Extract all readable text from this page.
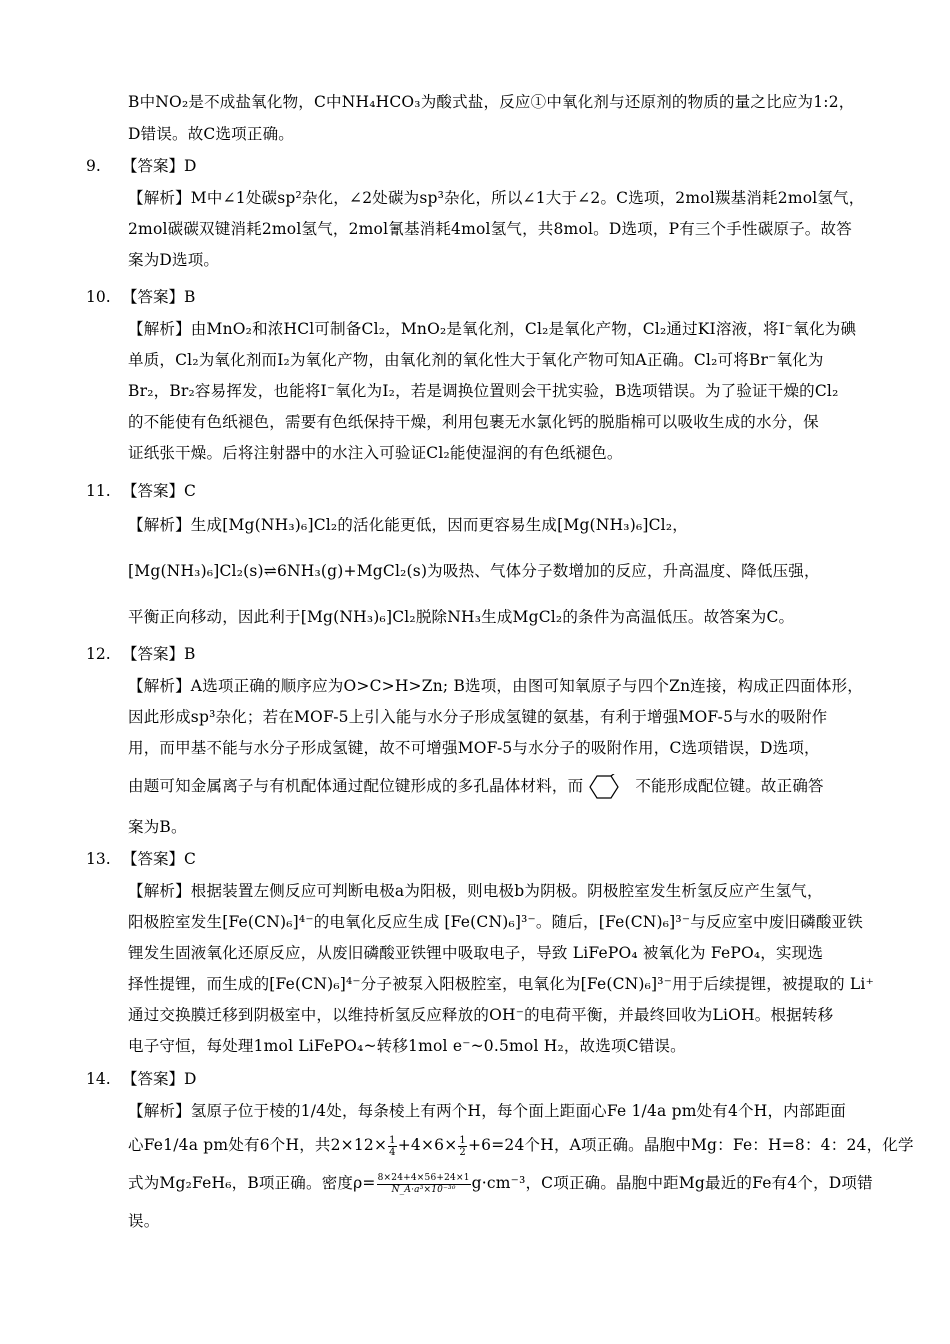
B中NO₂是不成盐氧化物，C中NH₄HCO₃为酸式盐，反应①中氧化剂与还原剂的物质的量之比应为1:2，
D错误。故C选项正确。
9. 【答案】D
【解析】M中∠1处碳sp²杂化，∠2处碳为sp³杂化，所以∠1大于∠2。C选项，2mol羰基消耗2mol氢气，
2mol碳碳双键消耗2mol氢气，2mol氰基消耗4mol氢气，共8mol。D选项，P有三个手性碳原子。故答
案为D选项。
10. 【答案】B
【解析】由MnO₂和浓HCl可制备Cl₂，MnO₂是氧化剂，Cl₂是氧化产物，Cl₂通过KI溶液，将I⁻氧化为碘
单质，Cl₂为氧化剂而I₂为氧化产物，由氧化剂的氧化性大于氧化产物可知A正确。Cl₂可将Br⁻氧化为
Br₂，Br₂容易挥发，也能将I⁻氧化为I₂，若是调换位置则会干扰实验，B选项错误。为了验证干燥的Cl₂
的不能使有色纸褪色，需要有色纸保持干燥，利用包裹无水氯化钙的脱脂棉可以吸收生成的水分，保
证纸张干燥。后将注射器中的水注入可验证Cl₂能使湿润的有色纸褪色。
11. 【答案】C
【解析】生成[Mg(NH₃)₆]Cl₂的活化能更低，因而更容易生成[Mg(NH₃)₆]Cl₂，
[Mg(NH₃)₆]Cl₂(s)⇌6NH₃(g)+MgCl₂(s)为吸热、气体分子数增加的反应，升高温度、降低压强，
平衡正向移动，因此利于[Mg(NH₃)₆]Cl₂脱除NH₃生成MgCl₂的条件为高温低压。故答案为C。
12. 【答案】B
【解析】A选项正确的顺序应为O>C>H>Zn; B选项，由图可知氧原子与四个Zn连接，构成正四面体形，
因此形成sp³杂化；若在MOF-5上引入能与水分子形成氢键的氨基，有利于增强MOF-5与水的吸附作
用，而甲基不能与水分子形成氢键，故不可增强MOF-5与水分子的吸附作用，C选项错误，D选项，
由题可知金属离子与有机配体通过配位键形成的多孔晶体材料，而	不能形成配位键。故正确答
案为B。
13. 【答案】C
【解析】根据装置左侧反应可判断电极a为阳极，则电极b为阴极。阴极腔室发生析氢反应产生氢气，
阳极腔室发生[Fe(CN)₆]⁴⁻的电氧化反应生成 [Fe(CN)₆]³⁻。随后，[Fe(CN)₆]³⁻与反应室中废旧磷酸亚铁
锂发生固液氧化还原反应，从废旧磷酸亚铁锂中吸取电子，导致 LiFePO₄ 被氧化为 FePO₄，实现选
择性提锂，而生成的[Fe(CN)₆]⁴⁻分子被泵入阳极腔室，电氧化为[Fe(CN)₆]³⁻用于后续提锂，被提取的 Li⁺
通过交换膜迁移到阴极室中，以维持析氢反应释放的OH⁻的电荷平衡，并最终回收为LiOH。根据转移
电子守恒，每处理1mol LiFePO₄~转移1mol e⁻~0.5mol H₂，故选项C错误。
14. 【答案】D
【解析】氢原子位于棱的1/4处，每条棱上有两个H，每个面上距面心Fe 1/4a pm处有4个H，内部距面
心Fe1/4a pm处有6个H，共$2\times 12\times \frac{1}{4} +4\times 6\times \frac{1}{2} +6=24$个H，A项正确。晶胞中Mg：Fe：H=8：4：24，化学
式为Mg₂FeH₆，B项正确。密度$\rho= \frac{8\times 24+4\times 56+24\times 1}{\text{N\_A·a³×10⁻³⁰}} g\cdot cm^{-3}$，C项正确。晶胞中距Mg最近的Fe有4个，D项错
误。
